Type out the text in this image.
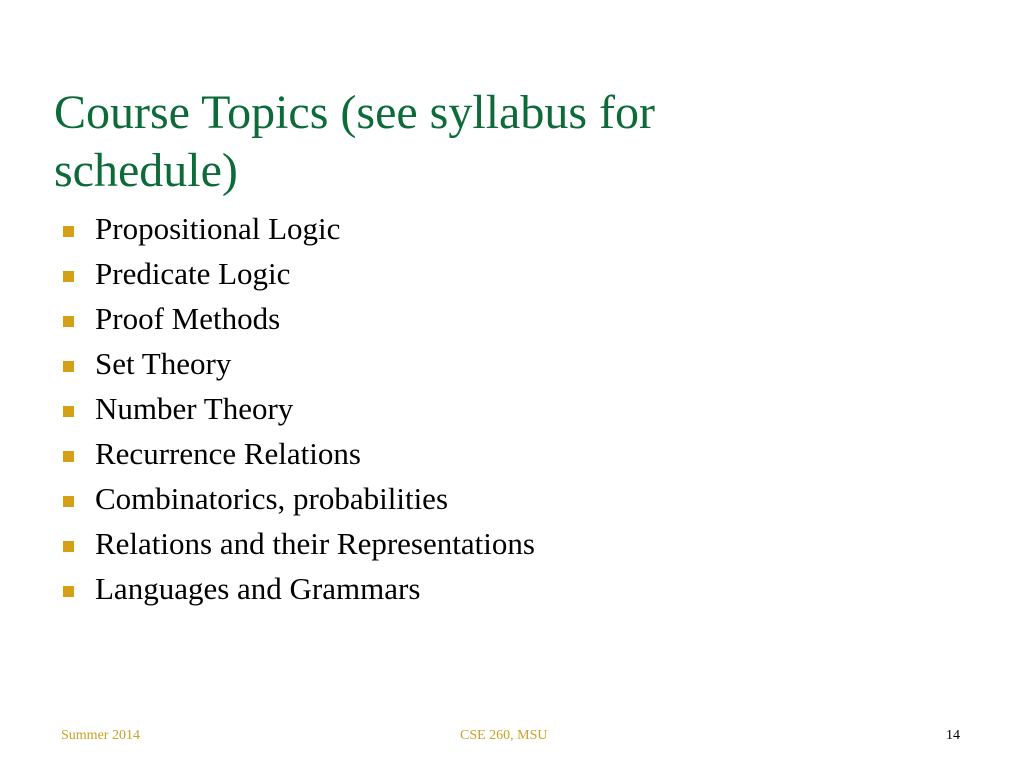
Course Topics (see syllabus for
schedule)
Propositional Logic
Predicate Logic
Proof Methods
Set Theory
Number Theory
Recurrence Relations
Combinatorics, probabilities
Relations and their Representations
Languages and Grammars
Summer 2014	CSE 260, MSU	14
